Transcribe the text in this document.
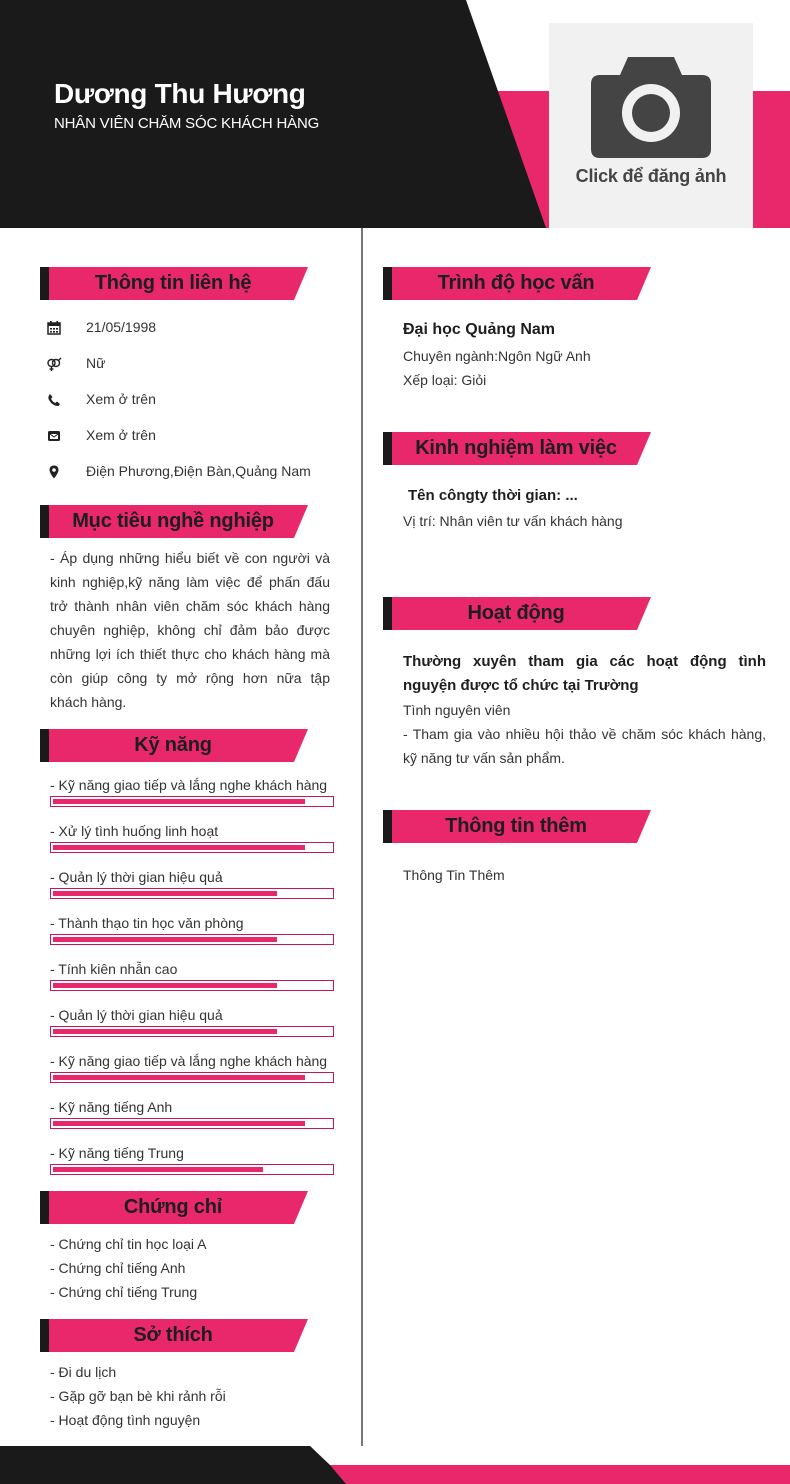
Dương Thu Hương
NHÂN VIÊN CHĂM SÓC KHÁCH HÀNG
Click để đăng ảnh
Thông tin liên hệ
21/05/1998
Nữ
Xem ở trên
Xem ở trên
Điện Phương,Điện Bàn,Quảng Nam
Mục tiêu nghề nghiệp
- Áp dụng những hiểu biết về con người và kinh nghiệp,kỹ năng làm việc để phấn đấu trở thành nhân viên chăm sóc khách hàng chuyên nghiệp, không chỉ đảm bảo được những lợi ích thiết thực cho khách hàng mà còn giúp công ty mở rộng hơn nữa tập khách hàng.
Kỹ năng
- Kỹ năng giao tiếp và lắng nghe khách hàng
- Xử lý tình huống linh hoạt
- Quản lý thời gian hiệu quả
- Thành thạo tin học văn phòng
- Tính kiên nhẫn cao
- Quản lý thời gian hiệu quả
- Kỹ năng giao tiếp và lắng nghe khách hàng
- Kỹ năng tiếng Anh
- Kỹ năng tiếng Trung
Chứng chỉ
- Chứng chỉ tin học loại A
- Chứng chỉ tiếng Anh
- Chứng chỉ tiếng Trung
Sở thích
- Đi du lịch
- Gặp gỡ bạn bè khi rảnh rỗi
- Hoạt động tình nguyện
Trình độ học vấn
Đại học Quảng Nam
Chuyên ngành:Ngôn Ngữ Anh
Xếp loại: Giỏi
Kinh nghiệm làm việc
Tên côngty thời gian: ...
Vị trí: Nhân viên tư vấn khách hàng
Hoạt động
Thường xuyên tham gia các hoạt động tình nguyện được tổ chức tại Trường
Tình nguyên viên
- Tham gia vào nhiều hội thảo về chăm sóc khách hàng, kỹ năng tư vấn sản phẩm.
Thông tin thêm
Thông Tin Thêm
